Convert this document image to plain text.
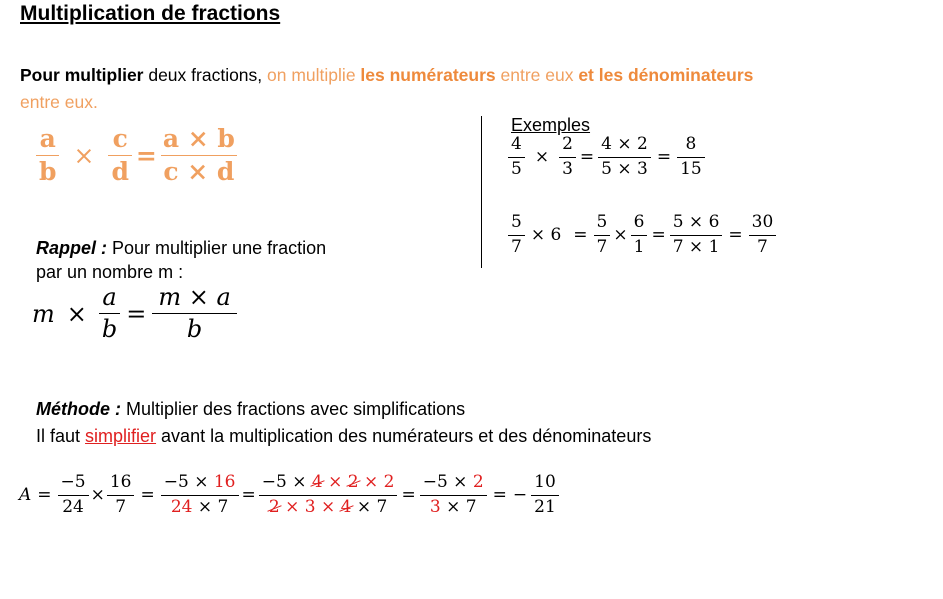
Multiplication de fractions
Pour multiplier deux fractions, on multiplie les numérateurs entre eux et les dénominateurs
entre eux.
$\frac{a}{b} \times \frac{c}{d} = \frac{a \times b}{c \times d}$
Rappel : Pour multiplier une fraction
par un nombre m :
$m \times \frac{a}{b} = \frac{m \times a}{b}$
Exemples
$\frac{4}{5} \times \frac{2}{3} = \frac{4 \times 2}{5 \times 3} = \frac{8}{15}$
$\frac{5}{7} \times 6 = \frac{5}{7} \times \frac{6}{1} = \frac{5 \times 6}{7 \times 1} = \frac{30}{7}$
Méthode : Multiplier des fractions avec simplifications
Il faut simplifier avant la multiplication des numérateurs et des dénominateurs
$A = \frac{-5}{24} \times \frac{16}{7} = \frac{-5 \times 16}{24 \times 7} = \frac{-5 \times 4 \times 2 \times 2}{2 \times 3 \times 4 \times 7} = \frac{-5 \times 2}{3 \times 7}$ = − $\frac{10}{21}$
